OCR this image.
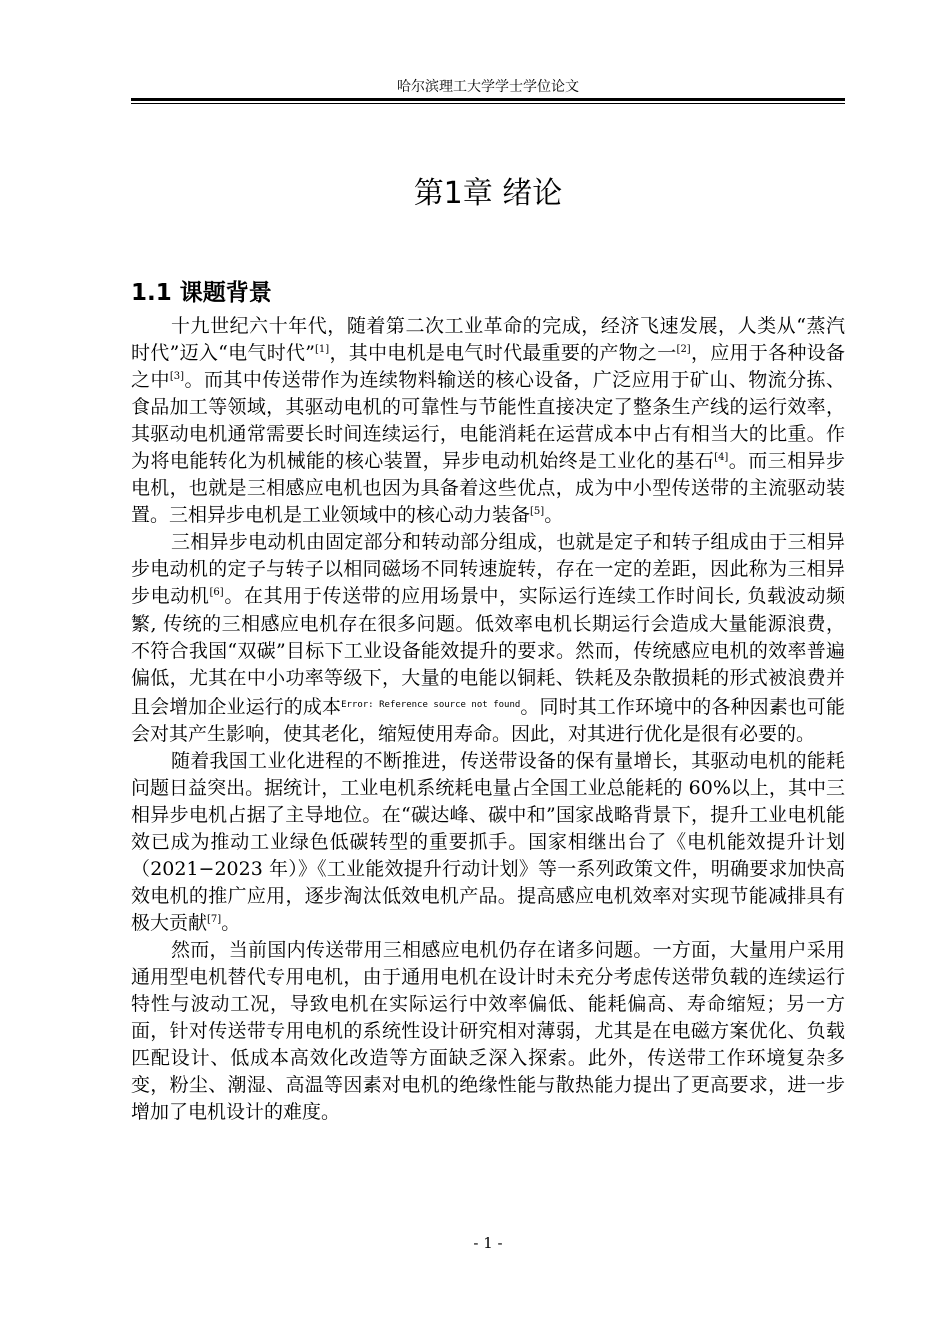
哈尔滨理工大学学士学位论文
第1章 绪论
1.1 课题背景

十九世纪六十年代，随着第二次工业革命的完成，经济飞速发展，人类从“蒸汽时代”迈入“电气时代”[1]，其中电机是电气时代最重要的产物之一[2]，应用于各种设备之中[3]。而其中传送带作为连续物料输送的核心设备，广泛应用于矿山、物流分拣、食品加工等领域，其驱动电机的可靠性与节能性直接决定了整条生产线的运行效率，其驱动电机通常需要长时间连续运行，电能消耗在运营成本中占有相当大的比重。作为将电能转化为机械能的核心装置，异步电动机始终是工业化的基石[4]。而三相异步电机，也就是三相感应电机也因为具备着这些优点，成为中小型传送带的主流驱动装置。三相异步电机是工业领域中的核心动力装备[5]。

三相异步电动机由固定部分和转动部分组成，也就是定子和转子组成由于三相异步电动机的定子与转子以相同磁场不同转速旋转，存在一定的差距，因此称为三相异步电动机[6]。在其用于传送带的应用场景中，实际运行连续工作时间长, 负载波动频繁, 传统的三相感应电机存在很多问题。低效率电机长期运行会造成大量能源浪费，不符合我国“双碳”目标下工业设备能效提升的要求。然而，传统感应电机的效率普遍偏低，尤其在中小功率等级下，大量的电能以铜耗、铁耗及杂散损耗的形式被浪费并且会增加企业运行的成本$^{Error: Reference source not found}$。同时其工作环境中的各种因素也可能会对其产生影响，使其老化，缩短使用寿命。因此，对其进行优化是很有必要的。

随着我国工业化进程的不断推进，传送带设备的保有量增长，其驱动电机的能耗问题日益突出。据统计，工业电机系统耗电量占全国工业总能耗的 60%以上，其中三相异步电机占据了主导地位。在“碳达峰、碳中和”国家战略背景下，提升工业电机能效已成为推动工业绿色低碳转型的重要抓手。国家相继出台了《电机能效提升计划（2021−2023 年）》《工业能效提升行动计划》等一系列政策文件，明确要求加快高效电机的推广应用，逐步淘汰低效电机产品。提高感应电机效率对实现节能减排具有极大贡献[7]。

然而，当前国内传送带用三相感应电机仍存在诸多问题。一方面，大量用户采用通用型电机替代专用电机，由于通用电机在设计时未充分考虑传送带负载的连续运行特性与波动工况，导致电机在实际运行中效率偏低、能耗偏高、寿命缩短；另一方面，针对传送带专用电机的系统性设计研究相对薄弱，尤其是在电磁方案优化、负载匹配设计、低成本高效化改造等方面缺乏深入探索。此外，传送带工作环境复杂多变，粉尘、潮湿、高温等因素对电机的绝缘性能与散热能力提出了更高要求，进一步增加了电机设计的难度。

- 1 -
